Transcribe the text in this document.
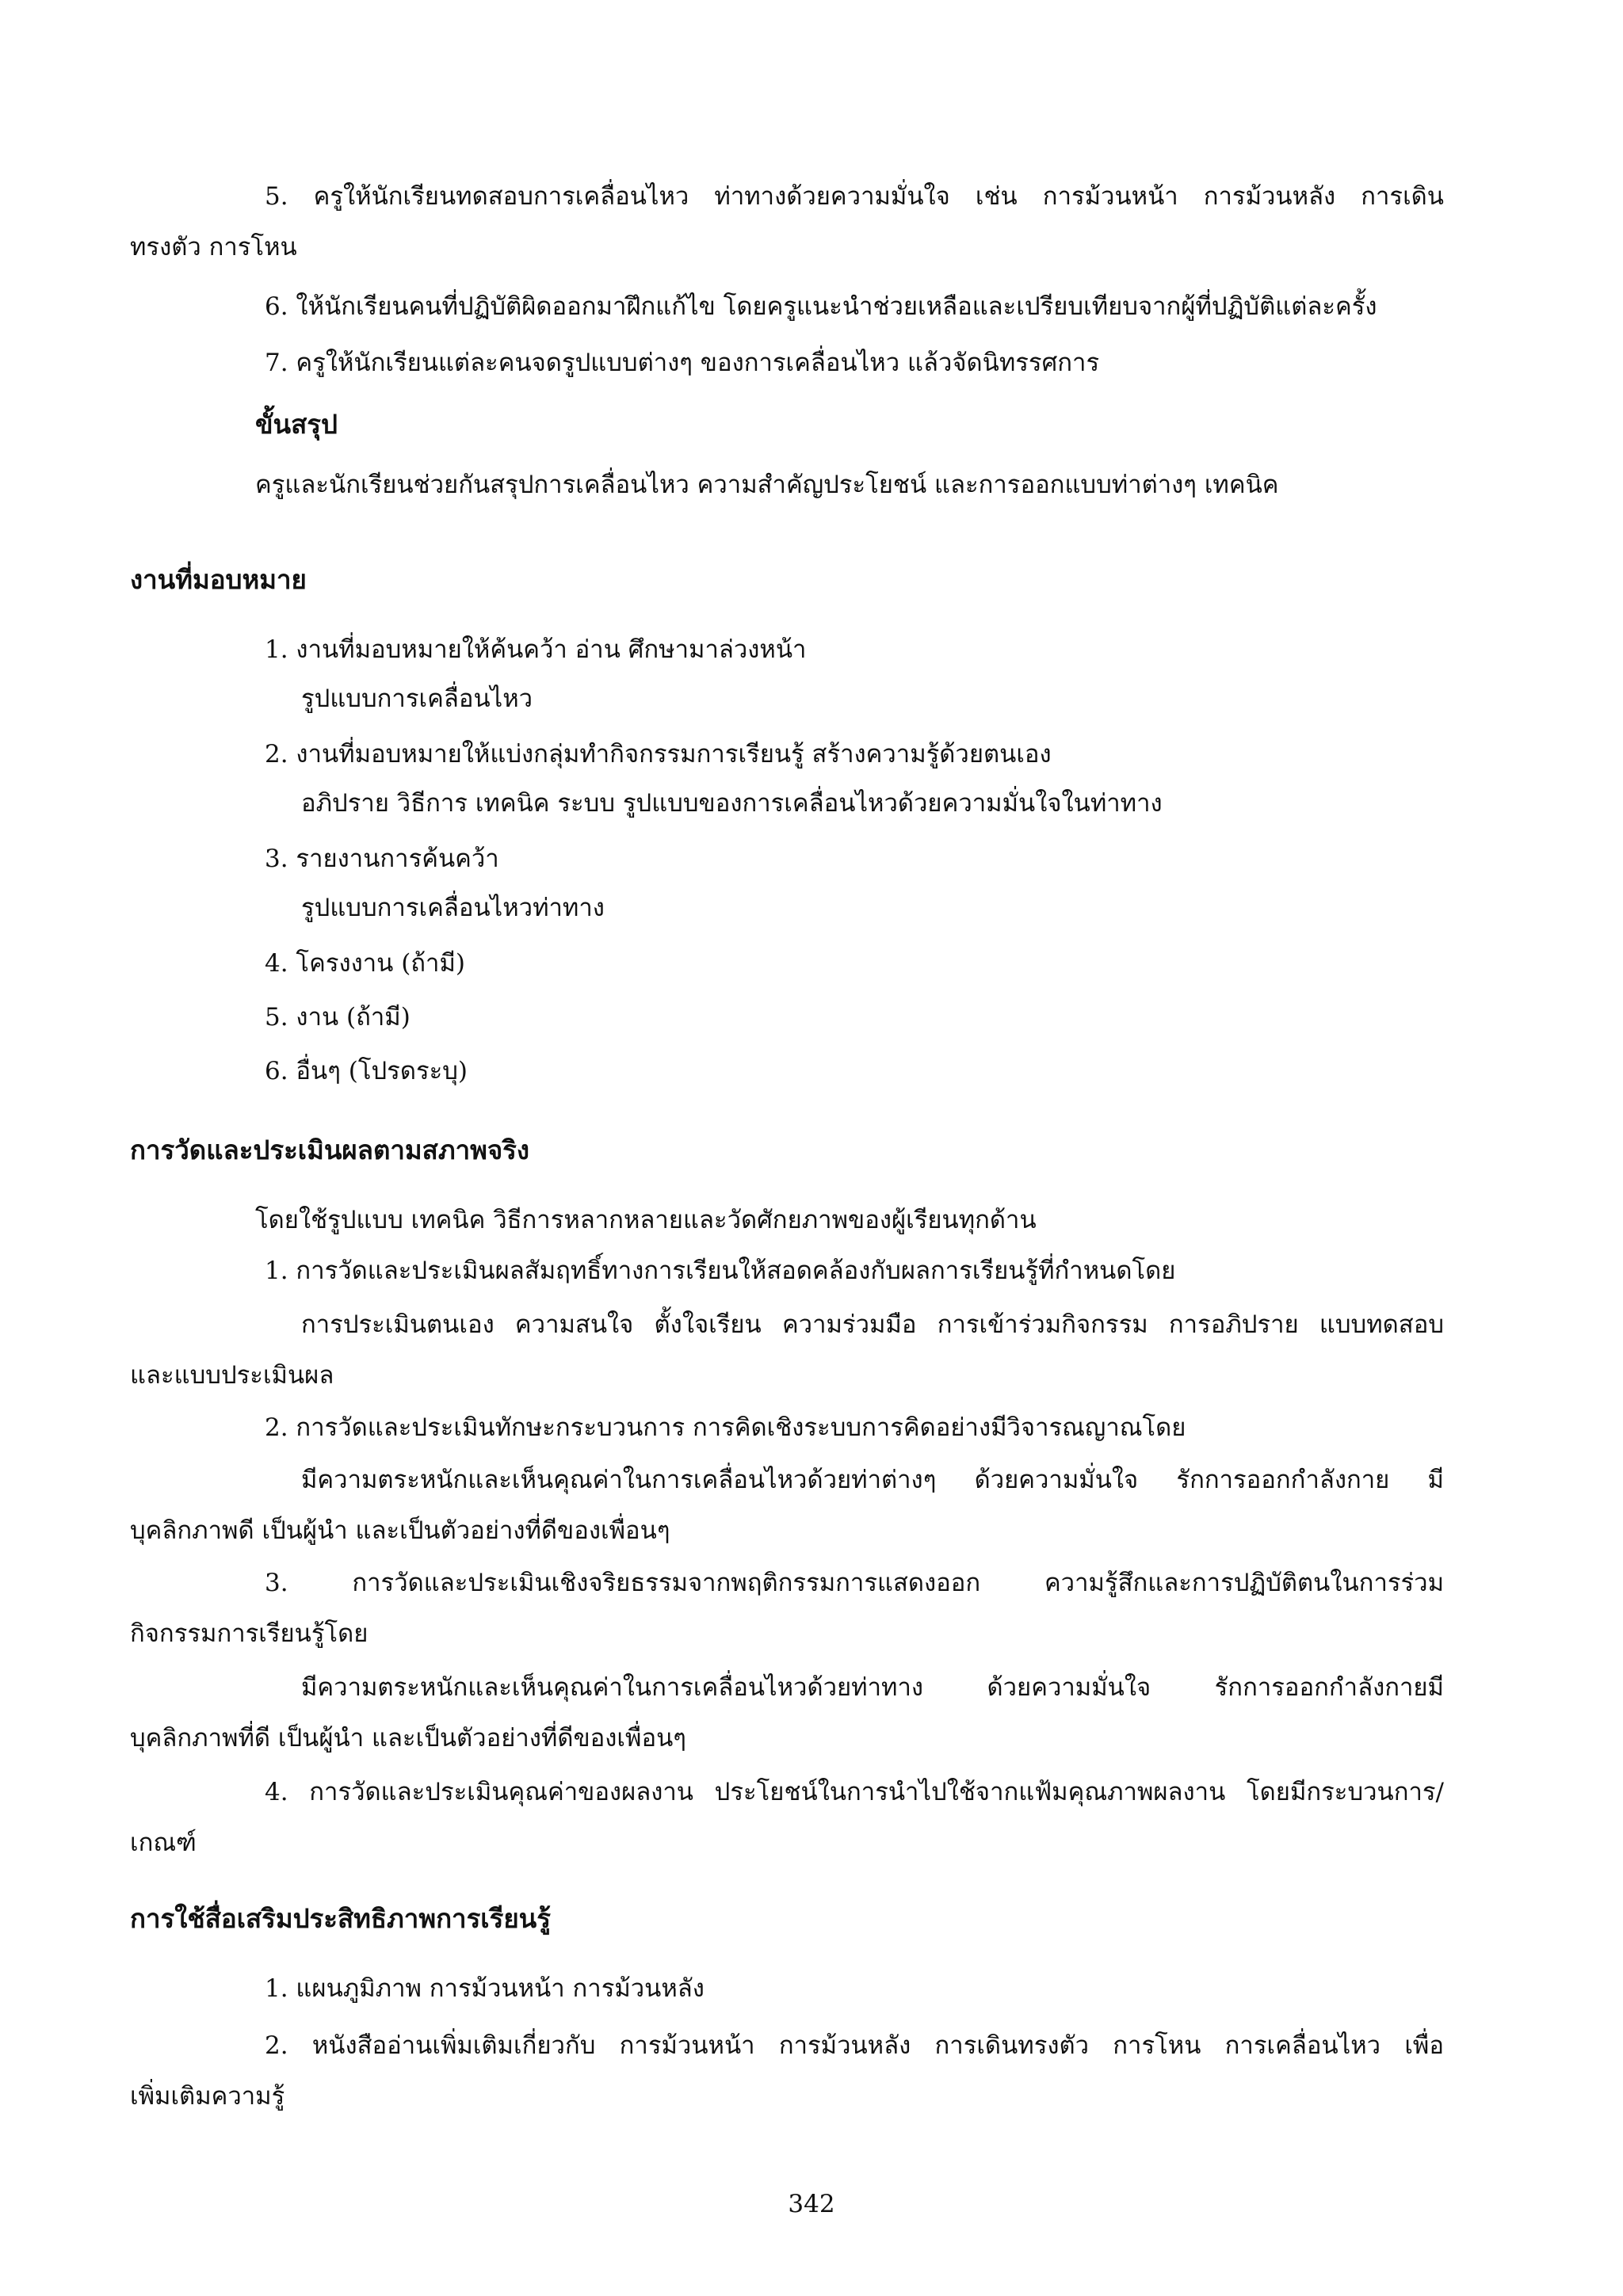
5. ครูให้นักเรียนทดสอบการเคลื่อนไหว ท่าทางด้วยความมั่นใจ เช่น การม้วนหน้า การม้วนหลัง การเดิน
ทรงตัว การโหน
6. ให้นักเรียนคนที่ปฏิบัติผิดออกมาฝึกแก้ไข โดยครูแนะนำช่วยเหลือและเปรียบเทียบจากผู้ที่ปฏิบัติแต่ละครั้ง
7. ครูให้นักเรียนแต่ละคนจดรูปแบบต่างๆ ของการเคลื่อนไหว แล้วจัดนิทรรศการ
ขั้นสรุป
ครูและนักเรียนช่วยกันสรุปการเคลื่อนไหว ความสำคัญประโยชน์ และการออกแบบท่าต่างๆ เทคนิค
งานที่มอบหมาย
1. งานที่มอบหมายให้ค้นคว้า อ่าน ศึกษามาล่วงหน้า
รูปแบบการเคลื่อนไหว
2. งานที่มอบหมายให้แบ่งกลุ่มทำกิจกรรมการเรียนรู้ สร้างความรู้ด้วยตนเอง
อภิปราย วิธีการ เทคนิค ระบบ รูปแบบของการเคลื่อนไหวด้วยความมั่นใจในท่าทาง
3. รายงานการค้นคว้า
รูปแบบการเคลื่อนไหวท่าทาง
4. โครงงาน (ถ้ามี)
5. งาน (ถ้ามี)
6. อื่นๆ (โปรดระบุ)
การวัดและประเมินผลตามสภาพจริง
โดยใช้รูปแบบ เทคนิค วิธีการหลากหลายและวัดศักยภาพของผู้เรียนทุกด้าน
1. การวัดและประเมินผลสัมฤทธิ์ทางการเรียนให้สอดคล้องกับผลการเรียนรู้ที่กำหนดโดย
การประเมินตนเอง ความสนใจ ตั้งใจเรียน ความร่วมมือ การเข้าร่วมกิจกรรม การอภิปราย แบบทดสอบ
และแบบประเมินผล
2. การวัดและประเมินทักษะกระบวนการ การคิดเชิงระบบการคิดอย่างมีวิจารณญาณโดย
มีความตระหนักและเห็นคุณค่าในการเคลื่อนไหวด้วยท่าต่างๆ ด้วยความมั่นใจ รักการออกกำลังกาย มี
บุคลิกภาพดี เป็นผู้นำ และเป็นตัวอย่างที่ดีของเพื่อนๆ
3. การวัดและประเมินเชิงจริยธรรมจากพฤติกรรมการแสดงออก ความรู้สึกและการปฏิบัติตนในการร่วม
กิจกรรมการเรียนรู้โดย
มีความตระหนักและเห็นคุณค่าในการเคลื่อนไหวด้วยท่าทาง ด้วยความมั่นใจ รักการออกกำลังกายมี
บุคลิกภาพที่ดี เป็นผู้นำ และเป็นตัวอย่างที่ดีของเพื่อนๆ
4. การวัดและประเมินคุณค่าของผลงาน ประโยชน์ในการนำไปใช้จากแฟ้มคุณภาพผลงาน โดยมีกระบวนการ/
เกณฑ์
การใช้สื่อเสริมประสิทธิภาพการเรียนรู้
1. แผนภูมิภาพ การม้วนหน้า การม้วนหลัง
2. หนังสืออ่านเพิ่มเติมเกี่ยวกับ การม้วนหน้า การม้วนหลัง การเดินทรงตัว การโหน การเคลื่อนไหว เพื่อ
เพิ่มเติมความรู้
342
